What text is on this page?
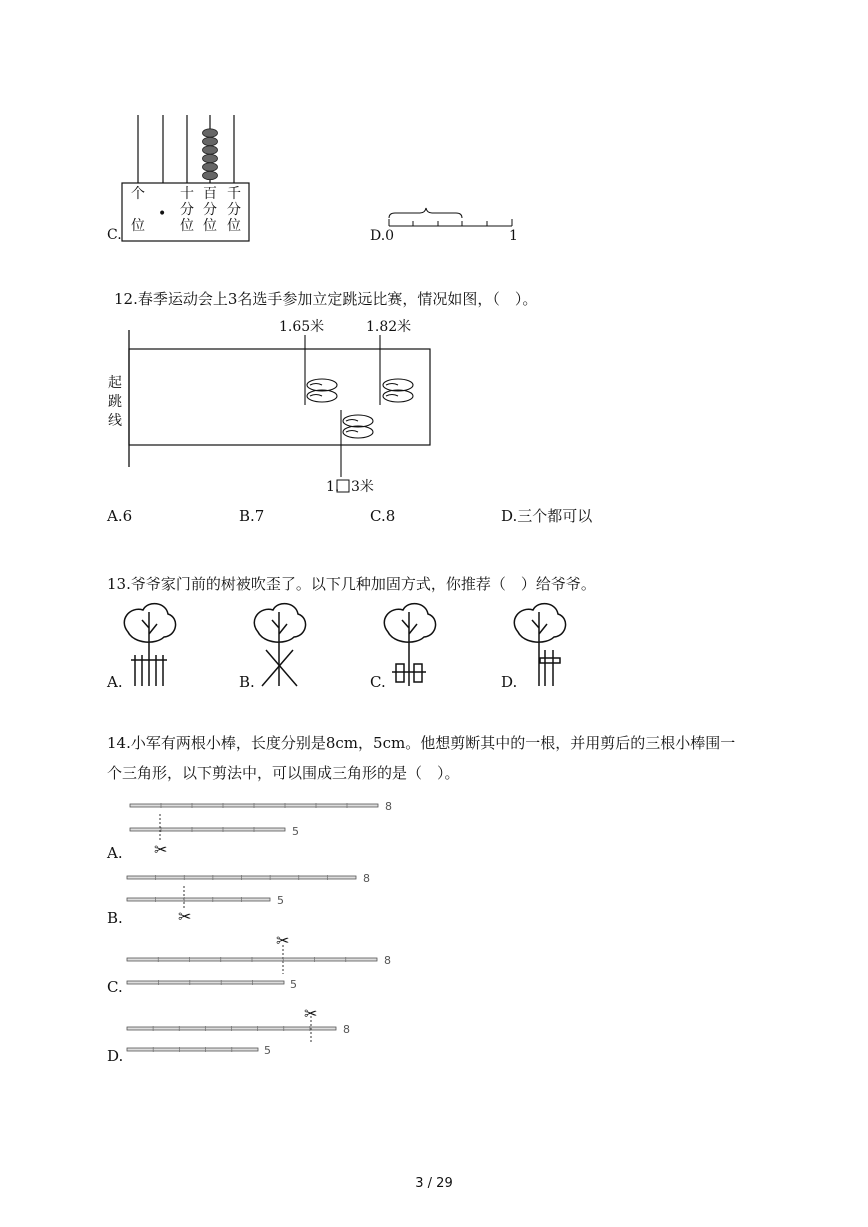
C.
个
位
•
十
分
位
百
分
位
千
分
位
D.0	1
12.春季运动会上3名选手参加立定跳远比赛，情况如图，（　）。
起
跳
线
1.65米	1.82米
1. 3米
A.6	B.7	C.8	D.三个都可以
13.爷爷家门前的树被吹歪了。以下几种加固方式，你推荐（　）给爷爷。
A.	B.	C.	D.
14.小军有两根小棒，长度分别是8cm，5cm。他想剪断其中的一根，并用剪后的三根小棒围一
个三角形，以下剪法中，可以围成三角形的是（　）。
✂
✂
✂
✂
8
5
A.
8
5
B.
8
5
C.
8
5
D.
3 / 29
